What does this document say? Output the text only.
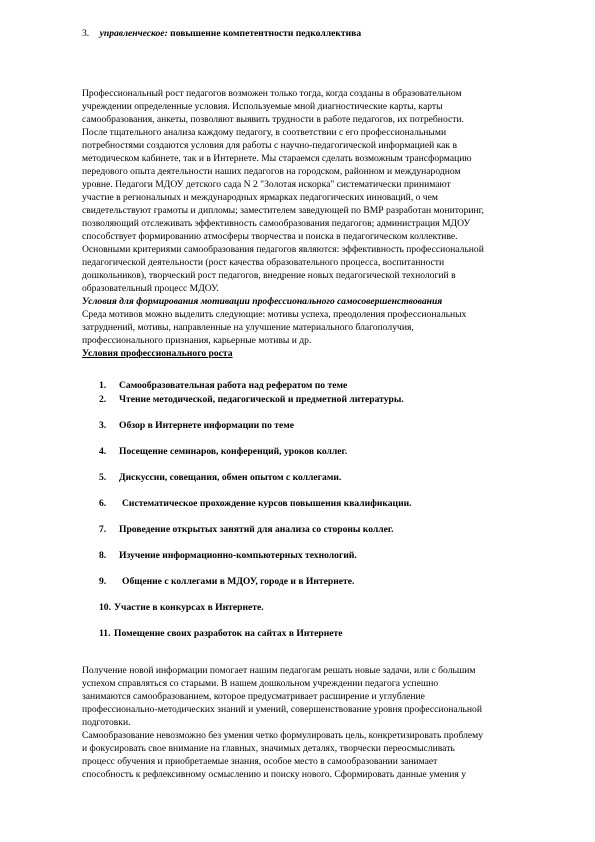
3. управленческое: повышение компетентности педколлектива
Профессиональный рост педагогов возможен только тогда, когда созданы в образовательном
учреждении определенные условия. Используемые мной диагностические карты, карты
самообразования, анкеты, позволяют выявить трудности в работе педагогов, их потребности.
После тщательного анализа каждому педагогу, в соответствии с его профессиональными
потребностями создаются условия для работы с научно-педагогической информацией как в
методическом кабинете, так и в Интернете. Мы стараемся сделать возможным трансформацию
передового опыта деятельности наших педагогов на городском, районном и международном
уровне. Педагоги МДОУ детского сада N 2 "Золотая искорка" систематически принимают
участие в региональных и международных ярмарках педагогических инноваций, о чем
свидетельствуют грамоты и дипломы; заместителем заведующей по ВМР разработан мониторинг,
позволяющий отслеживать эффективность самообразования педагогов; администрация МДОУ
способствует формированию атмосферы творчества и поиска в педагогическом коллективе.
Основными критериями самообразования педагогов являются: эффективность профессиональной
педагогической деятельности (рост качества образовательного процесса, воспитанности
дошкольников), творческий рост педагогов, внедрение новых педагогической технологий в
образовательный процесс МДОУ.
Условия для формирования мотивации профессионального самосовершенствования
Среда мотивов можно выделить следующие: мотивы успеха, преодоления профессиональных
затруднений, мотивы, направленные на улучшение материального благополучия,
профессионального признания, карьерные мотивы и др.
Условия профессионального роста
1. Самообразовательная работа над рефератом по теме
2. Чтение методической, педагогической и предметной литературы.
3. Обзор в Интернете информации по теме
4. Посещение семинаров, конференций, уроков коллег.
5. Дискуссии, совещания, обмен опытом с коллегами.
6. Систематическое прохождение курсов повышения квалификации.
7. Проведение открытых занятий для анализа со стороны коллег.
8. Изучение информационно-компьютерных технологий.
9. Общение с коллегами в МДОУ, городе и в Интернете.
10. Участие в конкурсах в Интернете.
11. Помещение своих разработок на сайтах в Интернете
Получение новой информации помогает нашим педагогам решать новые задачи, или с большим
успехом справляться со старыми. В нашем дошкольном учреждении педагога успешно
занимаются самообразованием, которое предусматривает расширение и углубление
профессионально-методических знаний и умений, совершенствование уровня профессиональной
подготовки.
Самообразование невозможно без умения четко формулировать цель, конкретизировать проблему
и фокусировать свое внимание на главных, значимых деталях, творчески переосмысливать
процесс обучения и приобретаемые знания, особое место в самообразовании занимает
способность к рефлексивному осмыслению и поиску нового. Сформировать данные умения у
